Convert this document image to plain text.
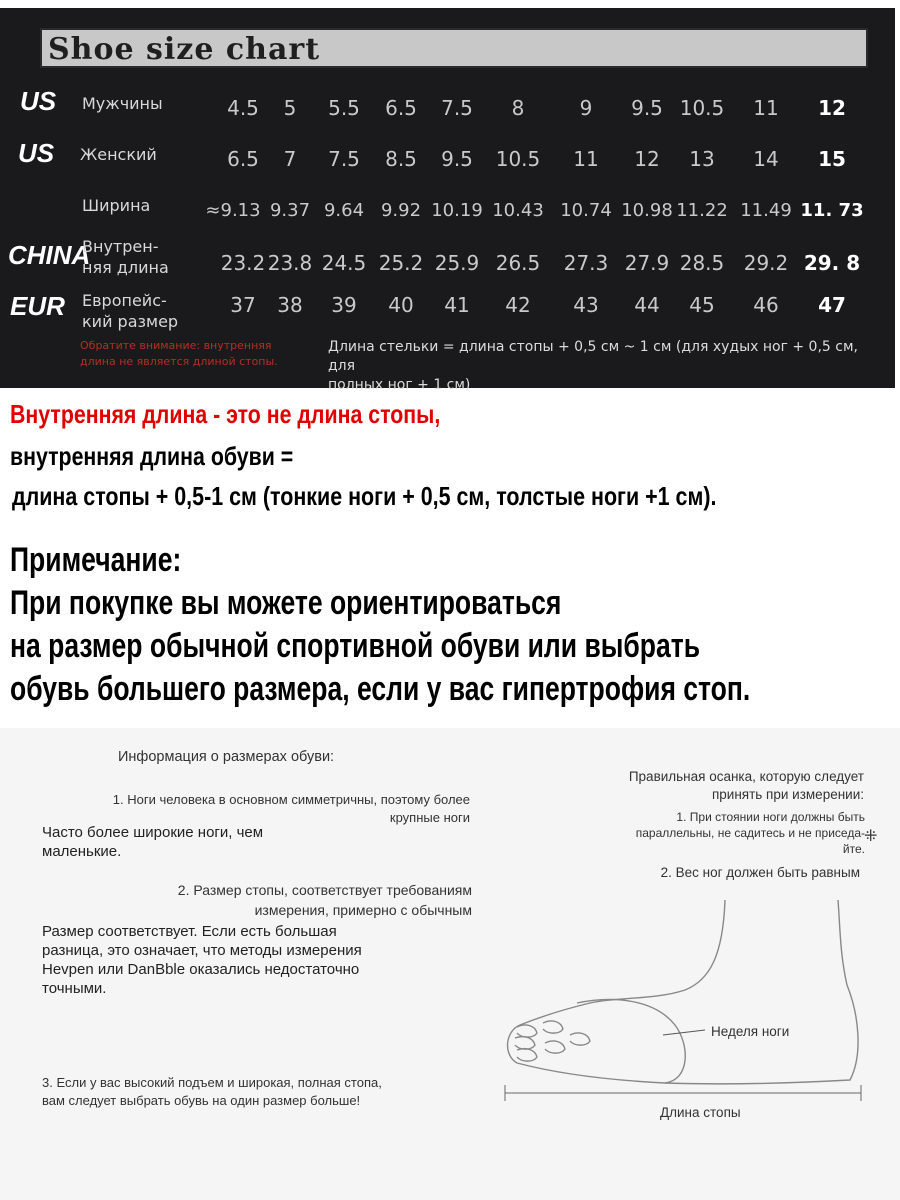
Shoe size chart
US
US
CHINA
EUR
Мужчины
Женский
Ширина
Внутрен-
няя длина
Европейс-
кий размер
4.5 5 5.5 6.5 7.5 8	9 9.5 10.5 11 12
6.5 7 7.5 8.5 9.5 10.5 11 12 13 14 15
≈9.13 9.37 9.64 9.92 10.19 10.43 10.74 10.98 11.22 11.49 11. 73
23.2 23.8 24.5 25.2 25.9 26.5 27.3 27.9 28.5 29.2 29. 8
37 38 39 40 41 42 43 44 45 46 47
Обратите внимание: внутренняя
длина не является длиной стопы.
Длина стельки = длина стопы + 0,5 см ~ 1 см (для худых ног + 0,5 см, для
полных ног + 1 см)
Внутренняя длина - это не длина стопы,
внутренняя длина обуви =
длина стопы + 0,5-1 см (тонкие ноги + 0,5 см, толстые ноги +1 см).
Примечание:
При покупке вы можете ориентироваться
на размер обычной спортивной обуви или выбрать
обувь большего размера, если у вас гипертрофия стоп.
Информация о размерах обуви:
1. Ноги человека в основном симметричны, поэтому более
крупные ноги
Часто более широкие ноги, чем
маленькие.
2. Размер стопы, соответствует требованиям
измерения, примерно с обычным
Размер соответствует. Если есть большая
разница, это означает, что методы измерения
Hevpen или DanBble оказались недостаточно
точными.
3. Если у вас высокий подъем и широкая, полная стопа,
вам следует выбрать обувь на один размер больше!
Правильная осанка, которую следует
принять при измерении:
1. При стоянии ноги должны быть
параллельны, не садитесь и не приседа-
йте.
2. Вес ног должен быть равным
⁜
Неделя ноги
Длина стопы
